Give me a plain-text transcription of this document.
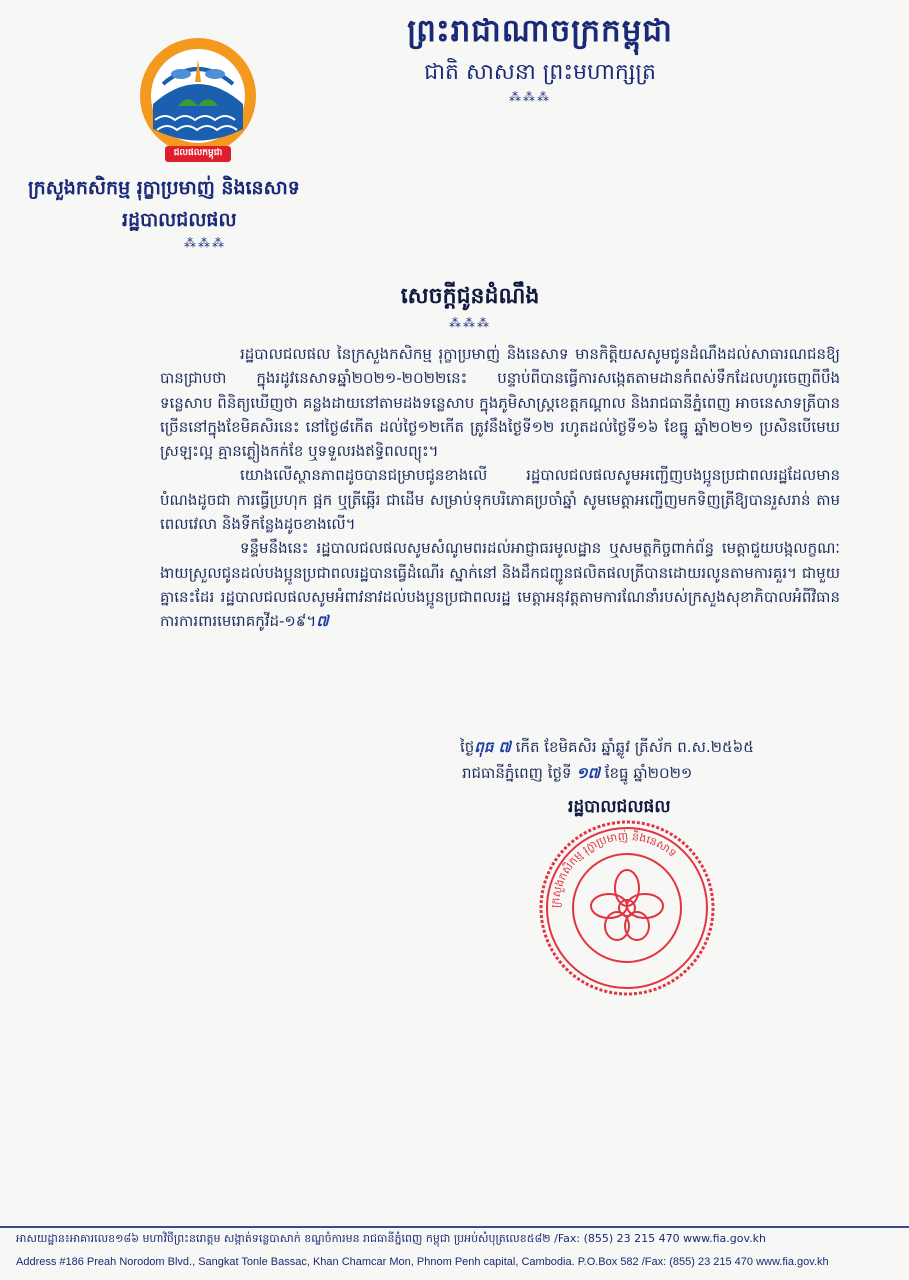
ព្រះរាជាណាចក្រកម្ពុជា
ជាតិ សាសនា ព្រះមហាក្សត្រ
⁂⁂⁂
ជលផលកម្ពុជា
ក្រសួងកសិកម្ម រុក្ខាប្រមាញ់ និងនេសាទ
រដ្ឋបាលជលផល
⁂⁂⁂
សេចក្តីជូនដំណឹង
⁂⁂⁂

រដ្ឋបាលជលផល នៃក្រសួងកសិកម្ម រុក្ខាប្រមាញ់ និងនេសាទ មានកិត្តិយសសូមជូនដំណឹងដល់សាធារណជនឱ្យបានជ្រាបថា ក្នុងរដូវនេសាទឆ្នាំ២០២១-២០២២នេះ បន្ទាប់ពីបានធ្វើការសង្កេតតាមដានកំពស់ទឹកដែលហូរចេញពីបឹងទន្លេសាប ពិនិត្យឃើញថា គន្លងដាយនៅតាមដងទន្លេសាប ក្នុងភូមិសាស្ត្រខេត្តកណ្តាល និងរាជធានីភ្នំពេញ អាចនេសាទត្រីបានច្រើននៅក្នុងខែមិគសិរនេះ នៅថ្ងៃ៨កើត ដល់ថ្ងៃ១២កើត ត្រូវនឹងថ្ងៃទី១២ រហូតដល់ថ្ងៃទី១៦ ខែធ្នូ ឆ្នាំ២០២១ ប្រសិនបើមេឃស្រឡះល្អ គ្មានភ្លៀងកក់ខែ ឬទទួលរងឥទ្ធិពលព្យុះ។

យោងលើស្ថានភាពដូចបានជម្រាបជូនខាងលើ រដ្ឋបាលជលផលសូមអញ្ជើញបងប្អូនប្រជាពលរដ្ឋដែលមានបំណងដូចជា ការធ្វើប្រហុក ផ្អក ឬត្រីឆ្អើរ ជាដើម សម្រាប់ទុកបរិភោគប្រចាំឆ្នាំ សូមមេត្តាអញ្ជើញមកទិញត្រីឱ្យបានរួសរាន់ តាមពេលវេលា និងទីកន្លែងដូចខាងលើ។

ទន្ទឹមនឹងនេះ រដ្ឋបាលជលផលសូមសំណូមពរដល់អាជ្ញាធរមូលដ្ឋាន ឬសមត្ថកិច្ចពាក់ព័ន្ធ មេត្តាជួយបង្កលក្ខណៈងាយស្រួលជូនដល់បងប្អូនប្រជាពលរដ្ឋបានធ្វើដំណើរ ស្នាក់នៅ និងដឹកជញ្ជូនផលិតផលត្រីបានដោយរលូនតាមការគួរ។ ជាមួយគ្នានេះដែរ រដ្ឋបាលជលផលសូមអំពាវនាវដល់បងប្អូនប្រជាពលរដ្ឋ មេត្តាអនុវត្តតាមការណែនាំរបស់ក្រសួងសុខាភិបាលអំពីវិធានការការពារមេរោគកូវីដ-១៩។៧

ថ្ងៃពុធ ៧ កើត ខែមិគសិរ ឆ្នាំឆ្លូវ ត្រីស័ក ព.ស.២៥៦៥
រាជធានីភ្នំពេញ ថ្ងៃទី ១៧ ខែធ្នូ ឆ្នាំ២០២១
រដ្ឋបាលជលផល
ក្រសួងកសិកម្ម រុក្ខាប្រមាញ់ និងនេសាទ
អាសយដ្ឋាន៖អាគារលេខ១៨៦ មហាវិថីព្រះនរោត្តម សង្កាត់ទន្លេបាសាក់ ខណ្ឌចំការមន រាជធានីភ្នំពេញ កម្ពុជា ប្រអប់សំបុត្រលេខ៥៨២ /Fax: (855) 23 215 470 www.fia.gov.kh
Address #186 Preah Norodom Blvd., Sangkat Tonle Bassac, Khan Chamcar Mon, Phnom Penh capital, Cambodia. P.O.Box 582 /Fax: (855) 23 215 470 www.fia.gov.kh
